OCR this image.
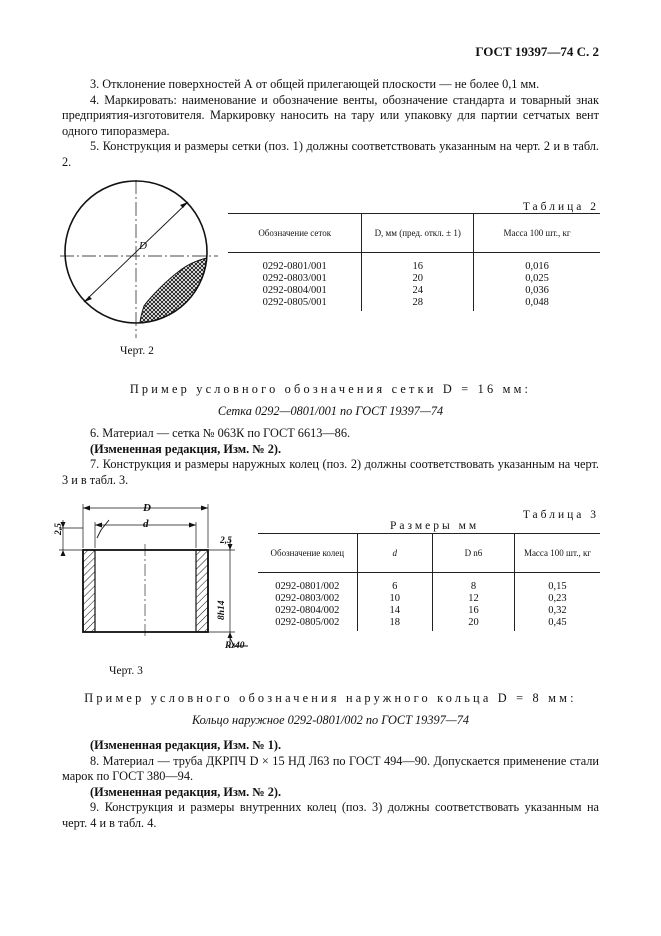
ГОСТ 19397—74 С. 2

3. Отклонение поверхностей А от общей прилегающей плоскости — не более 0,1 мм.

4. Маркировать: наименование и обозначение венты, обозначение стандарта и товарный знак предприятия-изготовителя. Маркировку наносить на тару или упаковку для партии сетчатых вент одного типоразмера.

5. Конструкция и размеры сетки (поз. 1) должны соответствовать указанным на черт. 2 и в табл. 2.

D
Черт. 2
Таблица 2
Обозначение сеток	D, мм (пред. откл. ± 1)	Масса 100 шт., кг
0292-0801/001	16	0,016
0292-0803/001	20	0,025
0292-0804/001	24	0,036
0292-0805/001	28	0,048
Пример условного обозначения сетки D = 16 мм:
Сетка 0292—0801/001 по ГОСТ 19397—74

6. Материал — сетка № 063К по ГОСТ 6613—86.

(Измененная редакция, Изм. № 2).

7. Конструкция и размеры наружных колец (поз. 2) должны соответствовать указанным на черт. 3 и в табл. 3.

D
d
2,5
2,5
8h14
Rz40
Черт. 3
Таблица 3
Размеры мм
Обозначение колец	d	D n6	Масса 100 шт., кг
0292-0801/002	6	8	0,15
0292-0803/002	10	12	0,23
0292-0804/002	14	16	0,32
0292-0805/002	18	20	0,45
Пример условного обозначения наружного кольца D = 8 мм:
Кольцо наружное 0292-0801/002 по ГОСТ 19397—74

(Измененная редакция, Изм. № 1).

8. Материал — труба ДКРПЧ D × 15 НД Л63 по ГОСТ 494—90. Допускается применение стали марок по ГОСТ 380—94.

(Измененная редакция, Изм. № 2).

9. Конструкция и размеры внутренних колец (поз. 3) должны соответствовать указанным на черт. 4 и в табл. 4.
